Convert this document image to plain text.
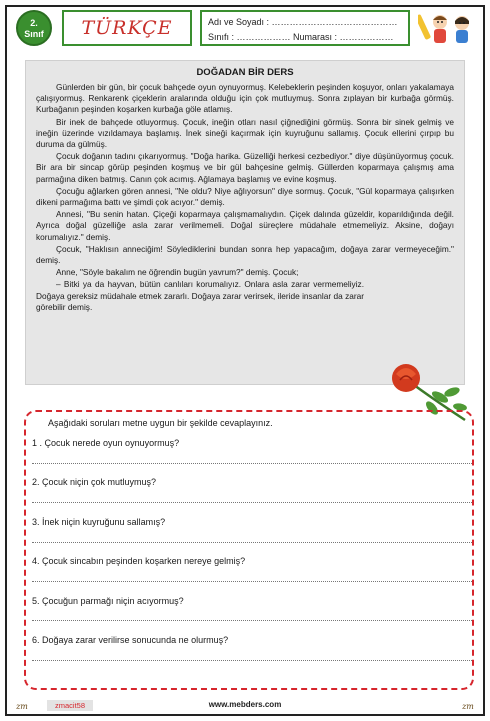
2.
Sınıf	TÜRKÇE	Adı ve Soyadı : ……………………………………
Sınıfı : ……………… Numarası : ………………
DOĞADAN BİR DERS

Günlerden bir gün, bir çocuk bahçede oyun oynuyormuş. Kelebeklerin peşinden koşuyor, onları yakalamaya çalışıyormuş. Renkarenk çiçeklerin aralarında olduğu için çok mutluymuş. Sonra zıplayan bir kurbağa görmüş. Kurbağanın peşinden koşarken kurbağa göle atlamış.

Bir inek de bahçede otluyormuş. Çocuk, ineğin otları nasıl çiğnediğini görmüş. Sonra bir sinek gelmiş ve ineğin üzerinde vızıldamaya başlamış. İnek sineği kaçırmak için kuyruğunu sallamış. Çocuk ellerini çırpıp bu duruma da gülmüş.

Çocuk doğanın tadını çıkarıyormuş. "Doğa harika. Güzelliği herkesi cezbediyor." diye düşünüyormuş çocuk. Bir ara bir sincap görüp peşinden koşmuş ve bir gül bahçesine gelmiş. Güllerden koparmaya çalışmış ama parmağına diken batmış. Canın çok acımış. Ağlamaya başlamış ve evine koşmuş.

Çocuğu ağlarken gören annesi, "Ne oldu? Niye ağlıyorsun" diye sormuş. Çocuk, "Gül koparmaya çalışırken dikeni parmağıma battı ve şimdi çok acıyor." demiş.

Annesi, "Bu senin hatan. Çiçeği koparmaya çalışmamalıydın. Çiçek dalında güzeldir, koparıldığında değil. Ayrıca doğal güzelliğe asla zarar verilmemeli. Doğal süreçlere müdahale etmemeliyiz. Aksine, doğayı korumalıyız." demiş.

Çocuk, "Haklısın anneciğim! Söylediklerini bundan sonra hep yapacağım, doğaya zarar vermeyeceğim." demiş.

Anne, "Söyle bakalım ne öğrendin bugün yavrum?" demiş. Çocuk;

– Bitki ya da hayvan, bütün canlıları korumalıyız. Onlara asla zarar vermemeliyiz. Doğaya gereksiz müdahale etmek zararlı. Doğaya zarar verirsek, ileride insanlar da zarar görebilir demiş.

Aşağıdaki soruları metne uygun bir şekilde cevaplayınız.
1 . Çocuk nerede oyun oynuyormuş?
2. Çocuk niçin çok mutluymuş?
3. İnek niçin kuyruğunu sallamış?
4. Çocuk sincabın peşinden koşarken nereye gelmiş?
5. Çocuğun parmağı niçin acıyormuş?
6. Doğaya zarar verilirse sonucunda ne olurmuş?
zm	zmacit58	www.mebders.com	zm
